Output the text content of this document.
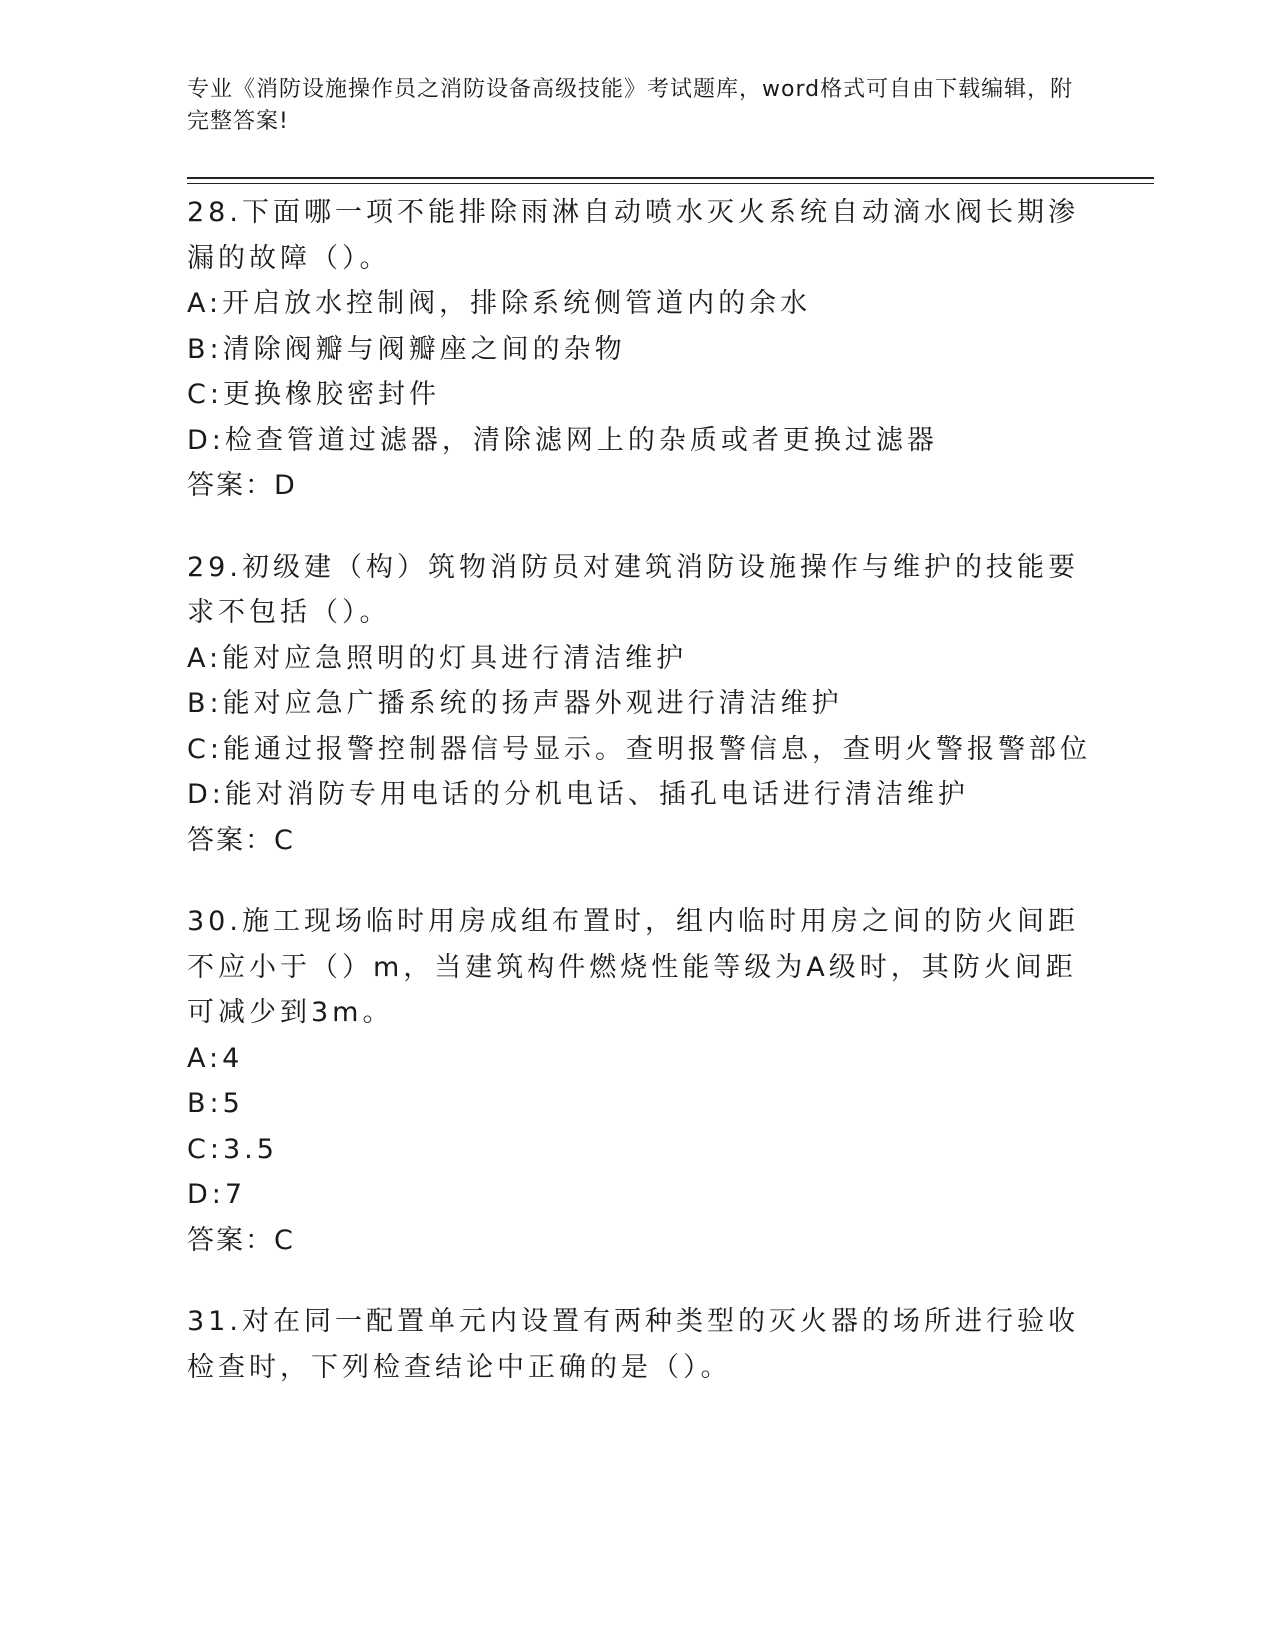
专业《消防设施操作员之消防设备高级技能》考试题库，word格式可自由下载编辑，附完整答案!

28.下面哪一项不能排除雨淋自动喷水灭火系统自动滴水阀长期渗漏的故障（）。

A:开启放水控制阀，排除系统侧管道内的余水

B:清除阀瓣与阀瓣座之间的杂物

C:更换橡胶密封件

D:检查管道过滤器，清除滤网上的杂质或者更换过滤器

答案：D

29.初级建（构）筑物消防员对建筑消防设施操作与维护的技能要求不包括（）。

A:能对应急照明的灯具进行清洁维护

B:能对应急广播系统的扬声器外观进行清洁维护

C:能通过报警控制器信号显示。查明报警信息，查明火警报警部位

D:能对消防专用电话的分机电话、插孔电话进行清洁维护

答案：C

30.施工现场临时用房成组布置时，组内临时用房之间的防火间距不应小于（）m，当建筑构件燃烧性能等级为A级时，其防火间距可减少到3m。

A:4

B:5

C:3.5

D:7

答案：C

31.对在同一配置单元内设置有两种类型的灭火器的场所进行验收检查时，下列检查结论中正确的是（）。
